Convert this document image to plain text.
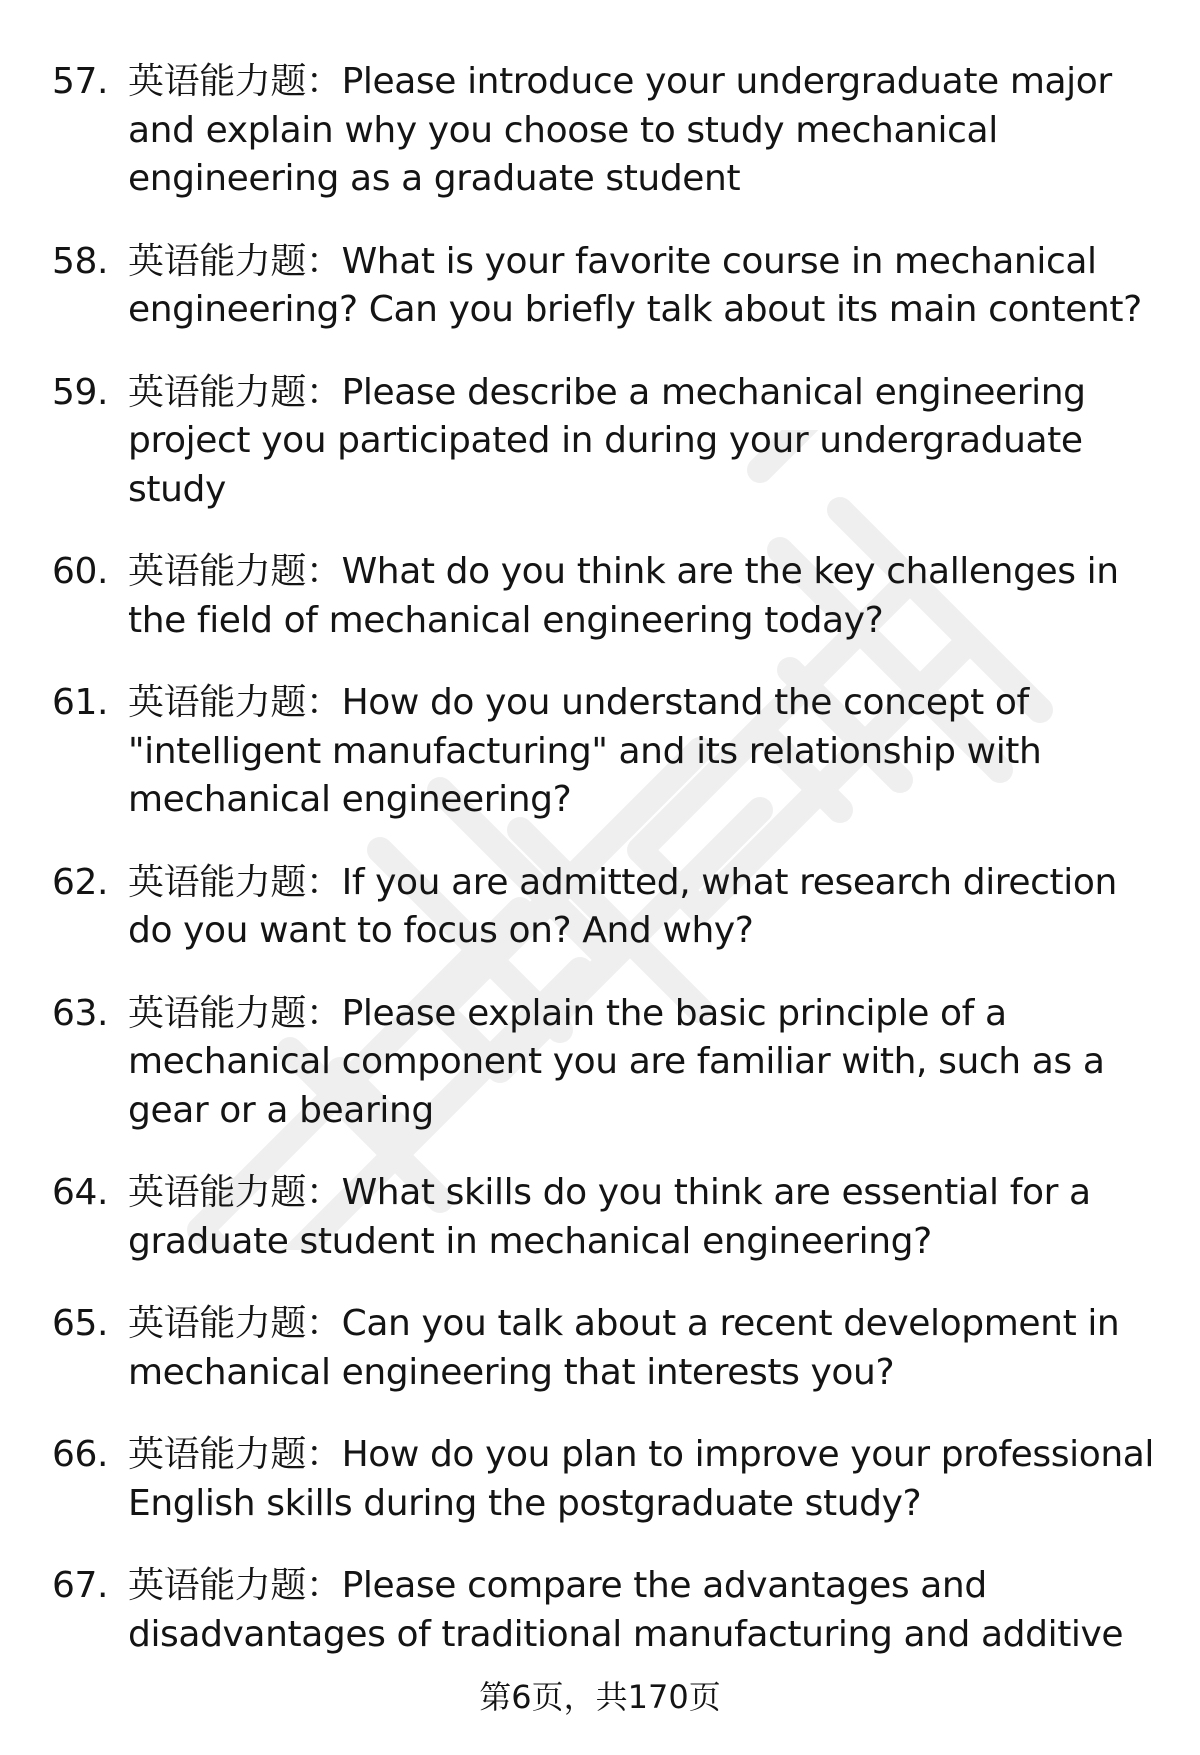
57. 英语能力题：Please introduce your undergraduate major and explain why you choose to study mechanical engineering as a graduate student
58. 英语能力题：What is your favorite course in mechanical engineering? Can you briefly talk about its main content?
59. 英语能力题：Please describe a mechanical engineering project you participated in during your undergraduate study
60. 英语能力题：What do you think are the key challenges in the field of mechanical engineering today?
61. 英语能力题：How do you understand the concept of "intelligent manufacturing" and its relationship with mechanical engineering?
62. 英语能力题：If you are admitted, what research direction do you want to focus on? And why?
63. 英语能力题：Please explain the basic principle of a mechanical component you are familiar with, such as a gear or a bearing
64. 英语能力题：What skills do you think are essential for a graduate student in mechanical engineering?
65. 英语能力题：Can you talk about a recent development in mechanical engineering that interests you?
66. 英语能力题：How do you plan to improve your professional English skills during the postgraduate study?
67. 英语能力题：Please compare the advantages and disadvantages of traditional manufacturing and additive
第6页，共170页
